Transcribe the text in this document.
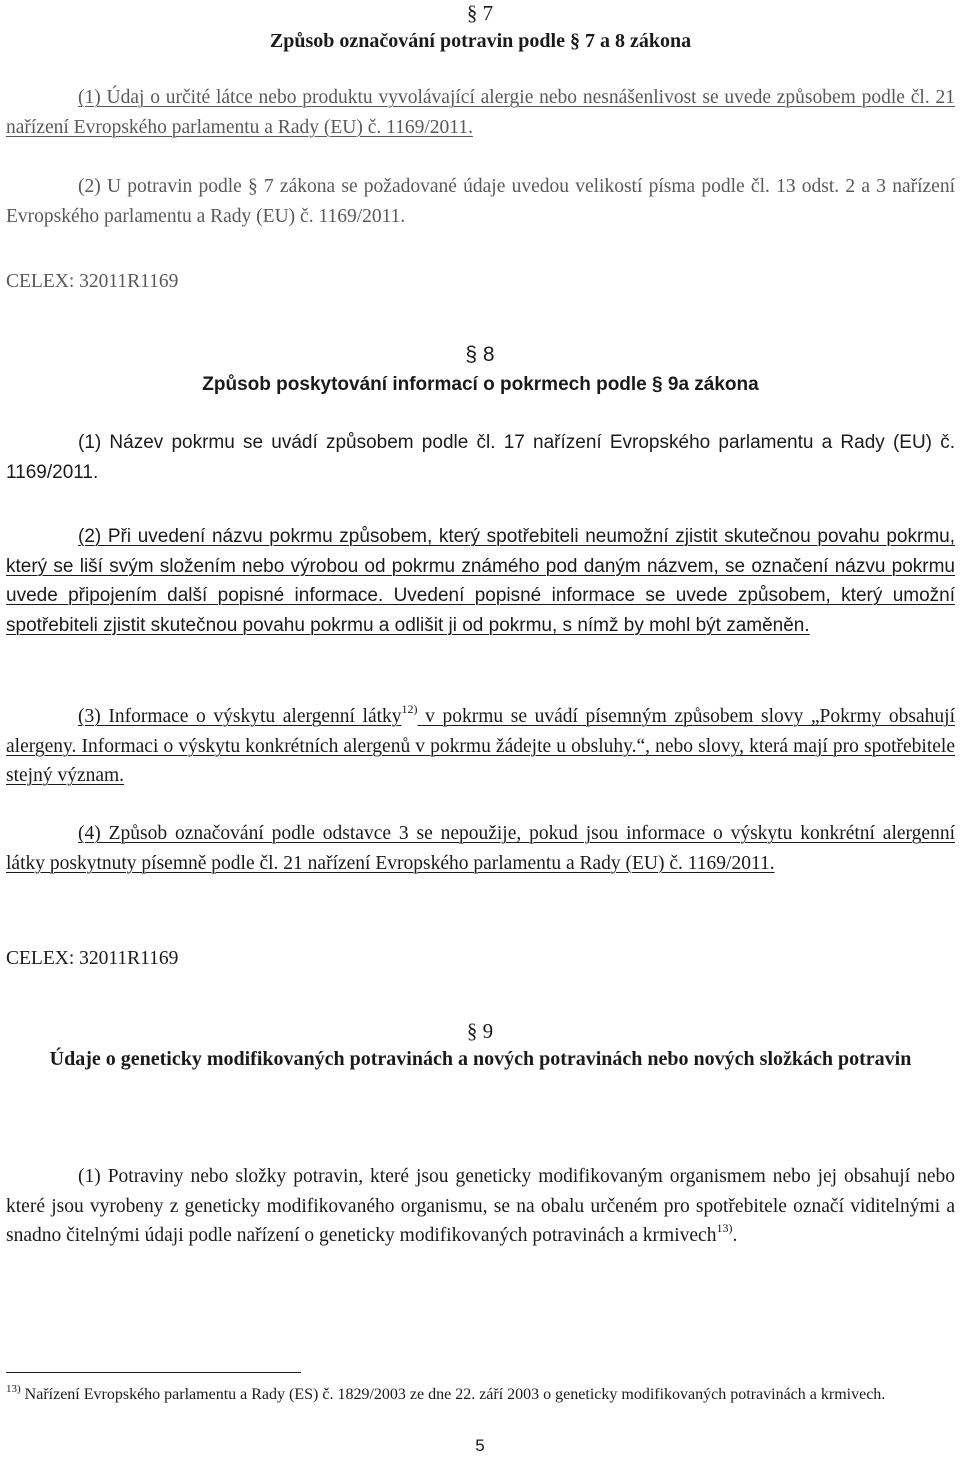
§ 7

Způsob označování potravin podle § 7 a 8 zákona

(1) Údaj o určité látce nebo produktu vyvolávající alergie nebo nesnášenlivost se uvede způsobem podle čl. 21 nařízení Evropského parlamentu a Rady (EU) č. 1169/2011.

(2) U potravin podle § 7 zákona se požadované údaje uvedou velikostí písma podle čl. 13 odst. 2 a 3 nařízení Evropského parlamentu a Rady (EU) č. 1169/2011.

CELEX: 32011R1169

§ 8

Způsob poskytování informací o pokrmech podle § 9a zákona

(1) Název pokrmu se uvádí způsobem podle čl. 17 nařízení Evropského parlamentu a Rady (EU) č. 1169/2011.

(2) Při uvedení názvu pokrmu způsobem, který spotřebiteli neumožní zjistit skutečnou povahu pokrmu, který se liší svým složením nebo výrobou od pokrmu známého pod daným názvem, se označení názvu pokrmu uvede připojením další popisné informace. Uvedení popisné informace se uvede způsobem, který umožní spotřebiteli zjistit skutečnou povahu pokrmu a odlišit ji od pokrmu, s nímž by mohl být zaměněn.

(3) Informace o výskytu alergenní látky$^{12)}$ v pokrmu se uvádí písemným způsobem slovy „Pokrmy obsahují alergeny. Informaci o výskytu konkrétních alergenů v pokrmu žádejte u obsluhy.“, nebo slovy, která mají pro spotřebitele stejný význam.

(4) Způsob označování podle odstavce 3 se nepoužije, pokud jsou informace o výskytu konkrétní alergenní látky poskytnuty písemně podle čl. 21 nařízení Evropského parlamentu a Rady (EU) č. 1169/2011.

CELEX: 32011R1169

§ 9

Údaje o geneticky modifikovaných potravinách a nových potravinách nebo nových složkách potravin

(1) Potraviny nebo složky potravin, které jsou geneticky modifikovaným organismem nebo jej obsahují nebo které jsou vyrobeny z geneticky modifikovaného organismu, se na obalu určeném pro spotřebitele označí viditelnými a snadno čitelnými údaji podle nařízení o geneticky modifikovaných potravinách a krmivech$^{13)}$.

$^{13)}$ Nařízení Evropského parlamentu a Rady (ES) č. 1829/2003 ze dne 22. září 2003 o geneticky modifikovaných potravinách a krmivech.

5
